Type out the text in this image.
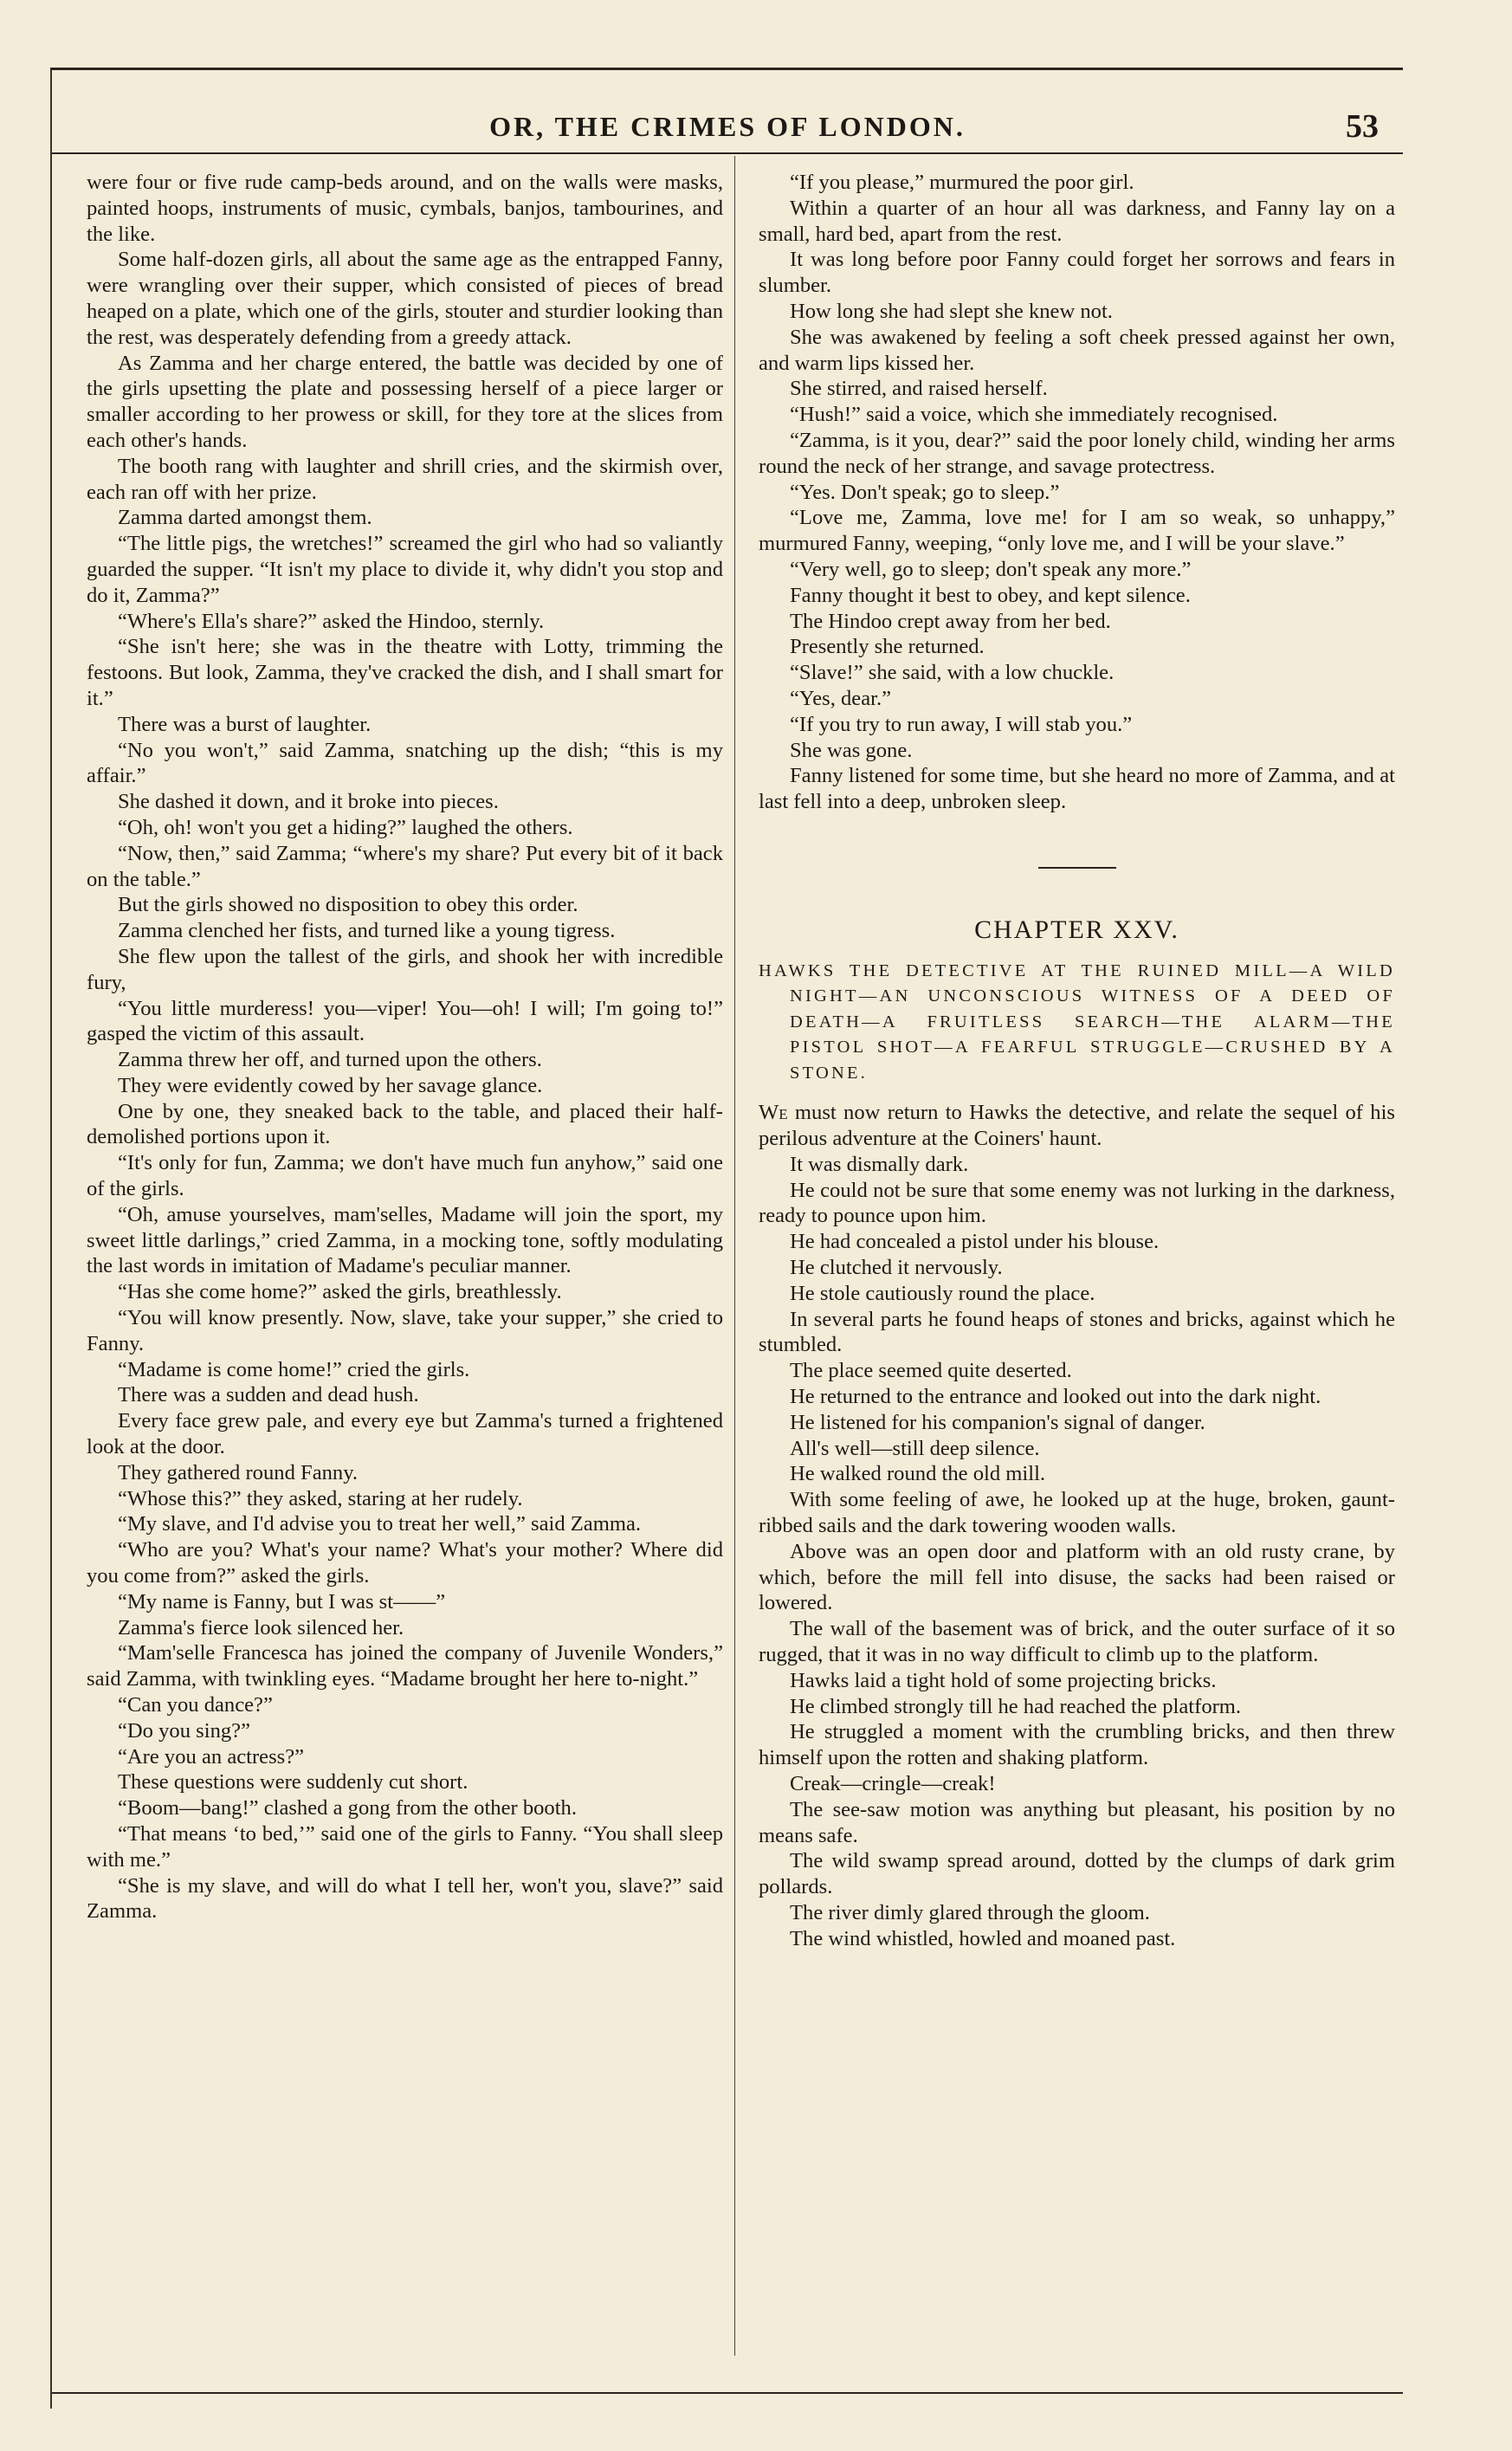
OR, THE CRIMES OF LONDON.	53

were four or five rude camp-beds around, and on the walls were masks, painted hoops, instruments of music, cymbals, banjos, tambourines, and the like.

Some half-dozen girls, all about the same age as the entrapped Fanny, were wrangling over their supper, which consisted of pieces of bread heaped on a plate, which one of the girls, stouter and sturdier looking than the rest, was desperately defending from a greedy attack.

As Zamma and her charge entered, the battle was decided by one of the girls upsetting the plate and possessing herself of a piece larger or smaller according to her prowess or skill, for they tore at the slices from each other's hands.

The booth rang with laughter and shrill cries, and the skirmish over, each ran off with her prize.

Zamma darted amongst them.

“The little pigs, the wretches!” screamed the girl who had so valiantly guarded the supper. “It isn't my place to divide it, why didn't you stop and do it, Zamma?”

“Where's Ella's share?” asked the Hindoo, sternly.

“She isn't here; she was in the theatre with Lotty, trimming the festoons. But look, Zamma, they've cracked the dish, and I shall smart for it.”

There was a burst of laughter.

“No you won't,” said Zamma, snatching up the dish; “this is my affair.”

She dashed it down, and it broke into pieces.

“Oh, oh! won't you get a hiding?” laughed the others.

“Now, then,” said Zamma; “where's my share? Put every bit of it back on the table.”

But the girls showed no disposition to obey this order.

Zamma clenched her fists, and turned like a young tigress.

She flew upon the tallest of the girls, and shook her with incredible fury,

“You little murderess! you—viper! You—oh! I will; I'm going to!” gasped the victim of this assault.

Zamma threw her off, and turned upon the others.

They were evidently cowed by her savage glance.

One by one, they sneaked back to the table, and placed their half-demolished portions upon it.

“It's only for fun, Zamma; we don't have much fun anyhow,” said one of the girls.

“Oh, amuse yourselves, mam'selles, Madame will join the sport, my sweet little darlings,” cried Zamma, in a mocking tone, softly modulating the last words in imitation of Madame's peculiar manner.

“Has she come home?” asked the girls, breathlessly.

“You will know presently. Now, slave, take your supper,” she cried to Fanny.

“Madame is come home!” cried the girls.

There was a sudden and dead hush.

Every face grew pale, and every eye but Zamma's turned a frightened look at the door.

They gathered round Fanny.

“Whose this?” they asked, staring at her rudely.

“My slave, and I'd advise you to treat her well,” said Zamma.

“Who are you? What's your name? What's your mother? Where did you come from?” asked the girls.

“My name is Fanny, but I was st——”

Zamma's fierce look silenced her.

“Mam'selle Francesca has joined the company of Juvenile Wonders,” said Zamma, with twinkling eyes. “Madame brought her here to-night.”

“Can you dance?”

“Do you sing?”

“Are you an actress?”

These questions were suddenly cut short.

“Boom—bang!” clashed a gong from the other booth.

“That means ‘to bed,’” said one of the girls to Fanny. “You shall sleep with me.”

“She is my slave, and will do what I tell her, won't you, slave?” said Zamma.

“If you please,” murmured the poor girl.

Within a quarter of an hour all was darkness, and Fanny lay on a small, hard bed, apart from the rest.

It was long before poor Fanny could forget her sorrows and fears in slumber.

How long she had slept she knew not.

She was awakened by feeling a soft cheek pressed against her own, and warm lips kissed her.

She stirred, and raised herself.

“Hush!” said a voice, which she immediately recognised.

“Zamma, is it you, dear?” said the poor lonely child, winding her arms round the neck of her strange, and savage protectress.

“Yes. Don't speak; go to sleep.”

“Love me, Zamma, love me! for I am so weak, so unhappy,” murmured Fanny, weeping, “only love me, and I will be your slave.”

“Very well, go to sleep; don't speak any more.”

Fanny thought it best to obey, and kept silence.

The Hindoo crept away from her bed.

Presently she returned.

“Slave!” she said, with a low chuckle.

“Yes, dear.”

“If you try to run away, I will stab you.”

She was gone.

Fanny listened for some time, but she heard no more of Zamma, and at last fell into a deep, unbroken sleep.

CHAPTER XXV.
HAWKS THE DETECTIVE AT THE RUINED MILL—A WILD NIGHT—AN UNCONSCIOUS WITNESS OF A DEED OF DEATH—A FRUITLESS SEARCH—THE ALARM—THE PISTOL SHOT—A FEARFUL STRUGGLE—CRUSHED BY A STONE.

We must now return to Hawks the detective, and relate the sequel of his perilous adventure at the Coiners' haunt.

It was dismally dark.

He could not be sure that some enemy was not lurking in the darkness, ready to pounce upon him.

He had concealed a pistol under his blouse.

He clutched it nervously.

He stole cautiously round the place.

In several parts he found heaps of stones and bricks, against which he stumbled.

The place seemed quite deserted.

He returned to the entrance and looked out into the dark night.

He listened for his companion's signal of danger.

All's well—still deep silence.

He walked round the old mill.

With some feeling of awe, he looked up at the huge, broken, gaunt-ribbed sails and the dark towering wooden walls.

Above was an open door and platform with an old rusty crane, by which, before the mill fell into disuse, the sacks had been raised or lowered.

The wall of the basement was of brick, and the outer surface of it so rugged, that it was in no way difficult to climb up to the platform.

Hawks laid a tight hold of some projecting bricks.

He climbed strongly till he had reached the platform.

He struggled a moment with the crumbling bricks, and then threw himself upon the rotten and shaking platform.

Creak—cringle—creak!

The see-saw motion was anything but pleasant, his position by no means safe.

The wild swamp spread around, dotted by the clumps of dark grim pollards.

The river dimly glared through the gloom.

The wind whistled, howled and moaned past.
